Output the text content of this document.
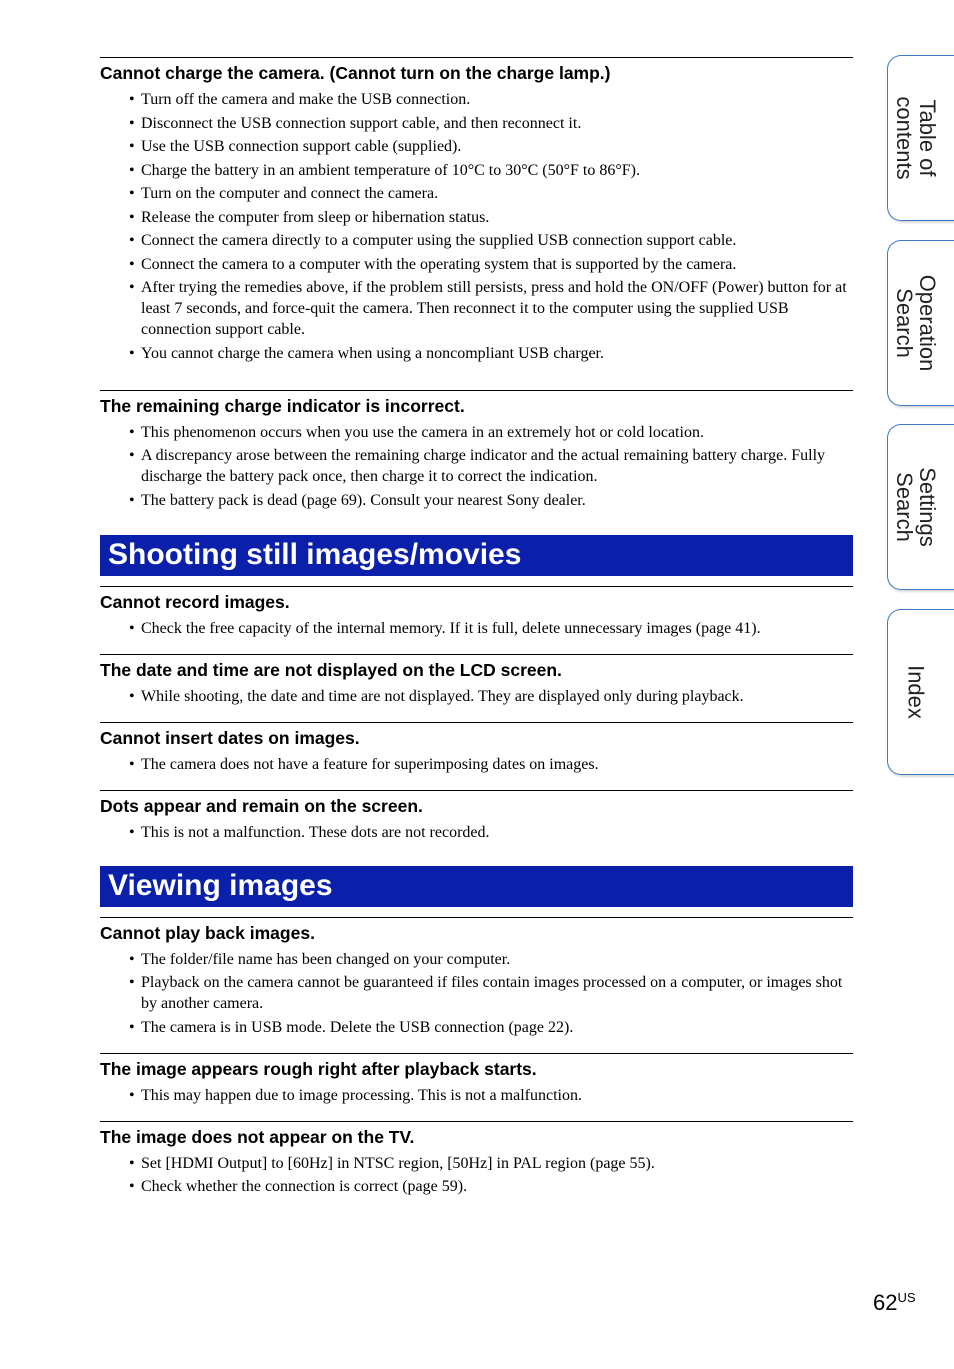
Cannot charge the camera. (Cannot turn on the charge lamp.)
• Turn off the camera and make the USB connection.
• Disconnect the USB connection support cable, and then reconnect it.
• Use the USB connection support cable (supplied).
• Charge the battery in an ambient temperature of 10°C to 30°C (50°F to 86°F).
• Turn on the computer and connect the camera.
• Release the computer from sleep or hibernation status.
• Connect the camera directly to a computer using the supplied USB connection support cable.
• Connect the camera to a computer with the operating system that is supported by the camera.
• After trying the remedies above, if the problem still persists, press and hold the ON/OFF (Power) button for at least 7 seconds, and force-quit the camera. Then reconnect it to the computer using the supplied USB connection support cable.
• You cannot charge the camera when using a noncompliant USB charger.
The remaining charge indicator is incorrect.
• This phenomenon occurs when you use the camera in an extremely hot or cold location.
• A discrepancy arose between the remaining charge indicator and the actual remaining battery charge. Fully discharge the battery pack once, then charge it to correct the indication.
• The battery pack is dead (page 69). Consult your nearest Sony dealer.
Shooting still images/movies
Cannot record images.
• Check the free capacity of the internal memory. If it is full, delete unnecessary images (page 41).
The date and time are not displayed on the LCD screen.
• While shooting, the date and time are not displayed. They are displayed only during playback.
Cannot insert dates on images.
• The camera does not have a feature for superimposing dates on images.
Dots appear and remain on the screen.
• This is not a malfunction. These dots are not recorded.
Viewing images
Cannot play back images.
• The folder/file name has been changed on your computer.
• Playback on the camera cannot be guaranteed if files contain images processed on a computer, or images shot by another camera.
• The camera is in USB mode. Delete the USB connection (page 22).
The image appears rough right after playback starts.
• This may happen due to image processing. This is not a malfunction.
The image does not appear on the TV.
• Set [HDMI Output] to [60Hz] in NTSC region, [50Hz] in PAL region (page 55).
• Check whether the connection is correct (page 59).
Table of
contents
Operation
Search
Settings
Search
Index
$62^{US}$
